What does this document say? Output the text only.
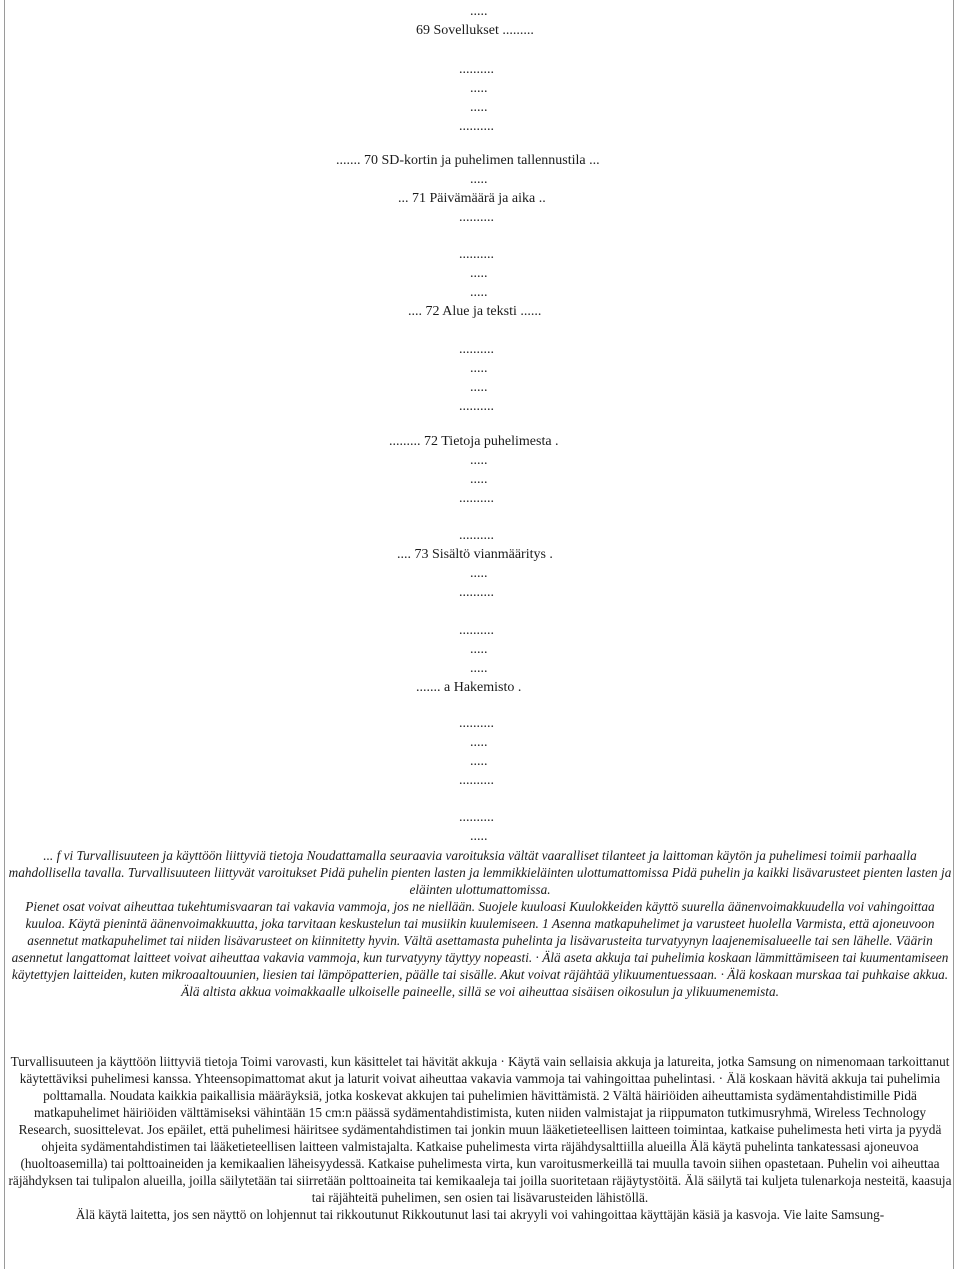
.....
69 Sovellukset .........
..........
.....
.....
..........
....... 70 SD-kortin ja puhelimen tallennustila ...
.....
... 71 Päivämäärä ja aika ..
..........
..........
.....
.....
.... 72 Alue ja teksti ......
..........
.....
.....
..........
......... 72 Tietoja puhelimesta .
.....
.....
..........
..........
.... 73 Sisältö vianmääritys .
.....
..........
..........
.....
.....
....... a Hakemisto .
..........
.....
.....
..........
..........
.....

... f vi Turvallisuuteen ja käyttöön liittyviä tietoja Noudattamalla seuraavia varoituksia vältät vaaralliset tilanteet ja laittoman käytön ja puhelimesi toimii parhaalla mahdollisella tavalla. Turvallisuuteen liittyvät varoitukset Pidä puhelin pienten lasten ja lemmikkieläinten ulottumattomissa Pidä puhelin ja kaikki lisävarusteet pienten lasten ja eläinten ulottumattomissa.

Pienet osat voivat aiheuttaa tukehtumisvaaran tai vakavia vammoja, jos ne niellään. Suojele kuuloasi Kuulokkeiden käyttö suurella äänenvoimakkuudella voi vahingoittaa kuuloa. Käytä pienintä äänenvoimakkuutta, joka tarvitaan keskustelun tai musiikin kuulemiseen. 1 Asenna matkapuhelimet ja varusteet huolella Varmista, että ajoneuvoon asennetut matkapuhelimet tai niiden lisävarusteet on kiinnitetty hyvin. Vältä asettamasta puhelinta ja lisävarusteita turvatyynyn laajenemisalueelle tai sen lähelle. Väärin asennetut langattomat laitteet voivat aiheuttaa vakavia vammoja, kun turvatyyny täyttyy nopeasti. · Älä aseta akkuja tai puhelimia koskaan lämmittämiseen tai kuumentamiseen käytettyjen laitteiden, kuten mikroaaltouunien, liesien tai lämpöpatterien, päälle tai sisälle. Akut voivat räjähtää ylikuumentuessaan. · Älä koskaan murskaa tai puhkaise akkua. Älä altista akkua voimakkaalle ulkoiselle paineelle, sillä se voi aiheuttaa sisäisen oikosulun ja ylikuumenemista.

Turvallisuuteen ja käyttöön liittyviä tietoja Toimi varovasti, kun käsittelet tai hävität akkuja · Käytä vain sellaisia akkuja ja latureita, jotka Samsung on nimenomaan tarkoittanut käytettäviksi puhelimesi kanssa. Yhteensopimattomat akut ja laturit voivat aiheuttaa vakavia vammoja tai vahingoittaa puhelintasi. · Älä koskaan hävitä akkuja tai puhelimia polttamalla. Noudata kaikkia paikallisia määräyksiä, jotka koskevat akkujen tai puhelimien hävittämistä. 2 Vältä häiriöiden aiheuttamista sydämentahdistimille Pidä matkapuhelimet häiriöiden välttämiseksi vähintään 15 cm:n päässä sydämentahdistimista, kuten niiden valmistajat ja riippumaton tutkimusryhmä, Wireless Technology Research, suosittelevat. Jos epäilet, että puhelimesi häiritsee sydämentahdistimen tai jonkin muun lääketieteellisen laitteen toimintaa, katkaise puhelimesta heti virta ja pyydä ohjeita sydämentahdistimen tai lääketieteellisen laitteen valmistajalta. Katkaise puhelimesta virta räjähdysalttiilla alueilla Älä käytä puhelinta tankatessasi ajoneuvoa (huoltoasemilla) tai polttoaineiden ja kemikaalien läheisyydessä. Katkaise puhelimesta virta, kun varoitusmerkeillä tai muulla tavoin siihen opastetaan. Puhelin voi aiheuttaa räjähdyksen tai tulipalon alueilla, joilla säilytetään tai siirretään polttoaineita tai kemikaaleja tai joilla suoritetaan räjäytystöitä. Älä säilytä tai kuljeta tulenarkoja nesteitä, kaasuja tai räjähteitä puhelimen, sen osien tai lisävarusteiden lähistöllä.

Älä käytä laitetta, jos sen näyttö on lohjennut tai rikkoutunut Rikkoutunut lasi tai akryyli voi vahingoittaa käyttäjän käsiä ja kasvoja. Vie laite Samsung-
